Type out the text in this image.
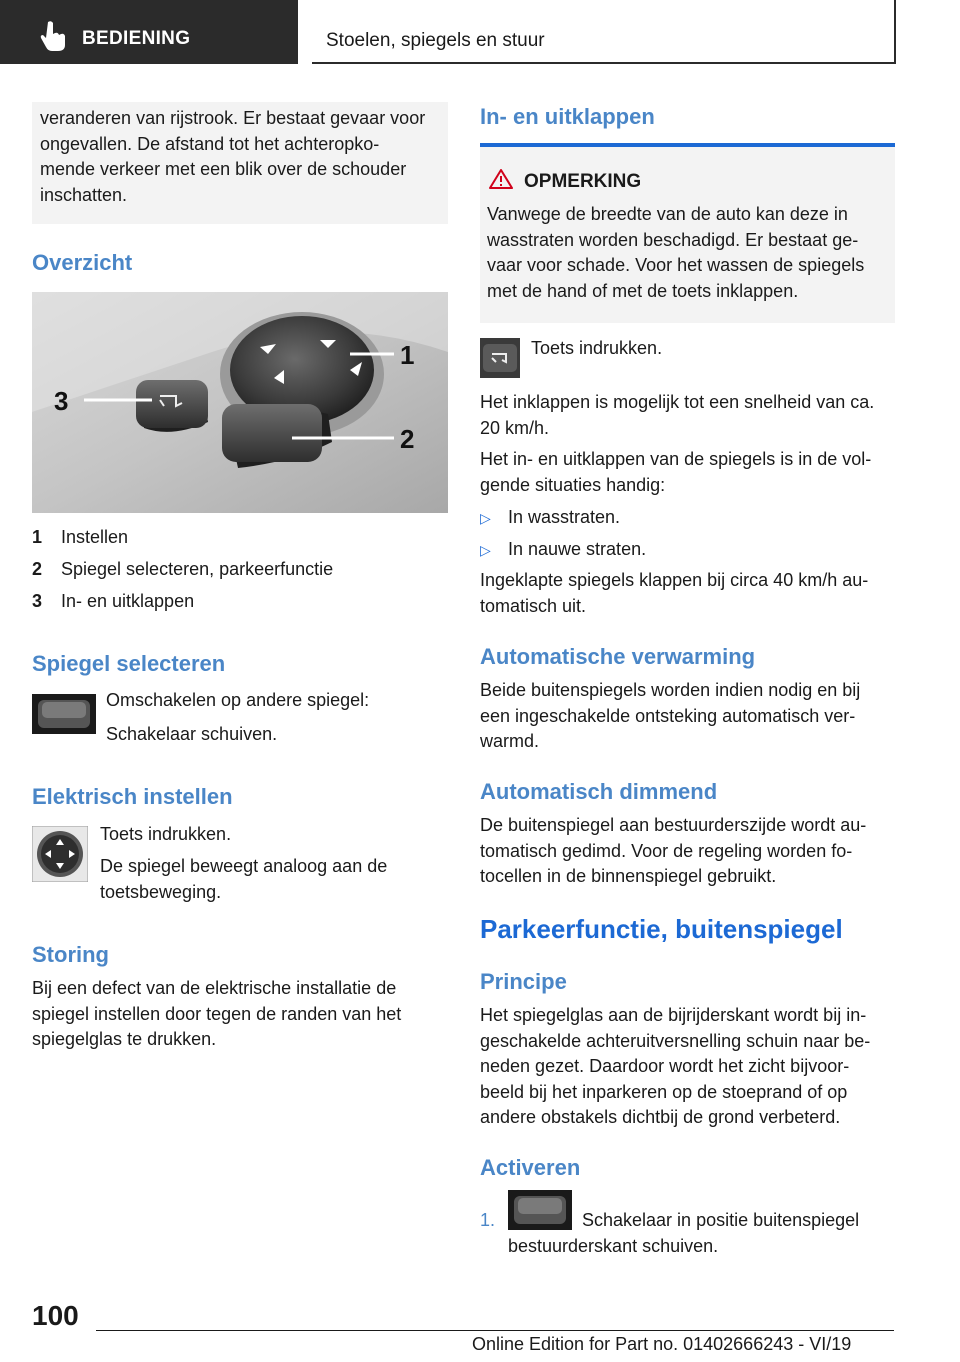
BEDIENING	Stoelen, spiegels en stuur
veranderen van rijstrook. Er bestaat gevaar voor
ongevallen. De afstand tot het achteropko‐
mende verkeer met een blik over de schouder
inschatten.
Overzicht
1
2
3
1 Instellen
2 Spiegel selecteren, parkeerfunctie
3 In- en uitklappen
Spiegel selecteren
Omschakelen op andere spiegel:
Schakelaar schuiven.
Elektrisch instellen
Toets indrukken.
De spiegel beweegt analoog aan de
toetsbeweging.
Storing
Bij een defect van de elektrische installatie de
spiegel instellen door tegen de randen van het
spiegelglas te drukken.
In- en uitklappen
OPMERKING
Vanwege de breedte van de auto kan deze in
wasstraten worden beschadigd. Er bestaat ge‐
vaar voor schade. Voor het wassen de spiegels
met de hand of met de toets inklappen.
Toets indrukken.
Het inklappen is mogelijk tot een snelheid van ca.
20 km/h.
Het in- en uitklappen van de spiegels is in de vol‐
gende situaties handig:
▷ In wasstraten.
▷ In nauwe straten.
Ingeklapte spiegels klappen bij circa 40 km/h au‐
tomatisch uit.
Automatische verwarming
Beide buitenspiegels worden indien nodig en bij
een ingeschakelde ontsteking automatisch ver‐
warmd.
Automatisch dimmend
De buitenspiegel aan bestuurderszijde wordt au‐
tomatisch gedimd. Voor de regeling worden fo‐
tocellen in de binnenspiegel gebruikt.
Parkeerfunctie, buitenspiegel
Principe
Het spiegelglas aan de bijrijderskant wordt bij in‐
geschakelde achteruitversnelling schuin naar be‐
neden gezet. Daardoor wordt het zicht bijvoor‐
beeld bij het inparkeren op de stoeprand of op
andere obstakels dichtbij de grond verbeterd.
Activeren
1.	Schakelaar in positie buitenspiegel
bestuurderskant schuiven.
100
Online Edition for Part no. 01402666243 - VI/19
